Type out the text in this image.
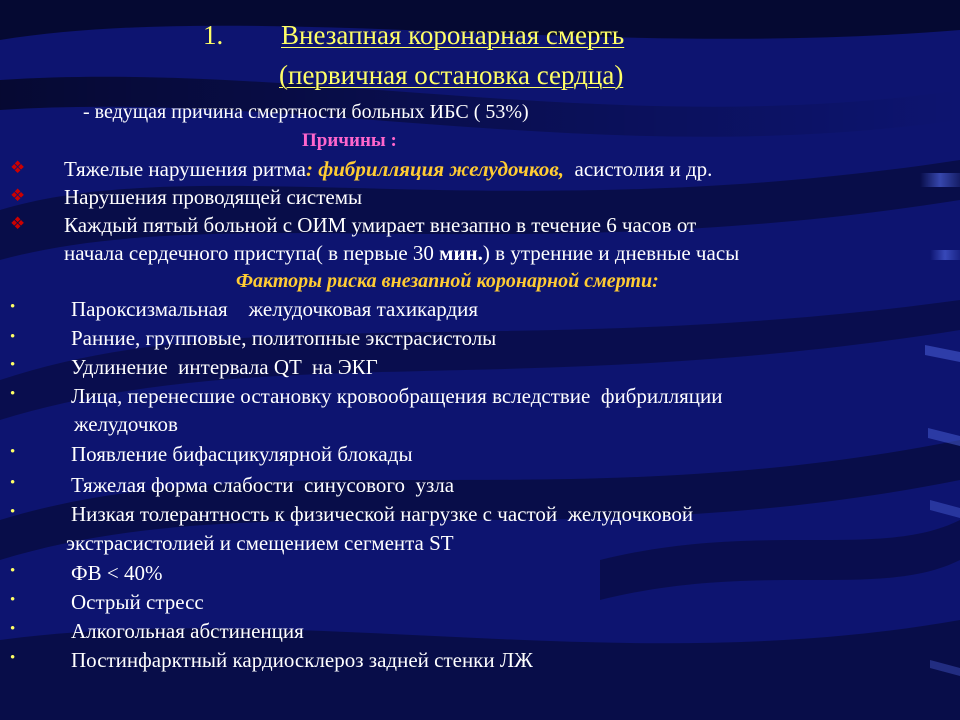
1. Внезапная коронарная смерть
(первичная остановка сердца)
- ведущая причина смертности больных ИБС ( 53%)
Причины :
❖ Тяжелые нарушения ритма: фибрилляция желудочков,  асистолия и др.
❖ Нарушения проводящей системы
❖ Каждый пятый больной с ОИМ умирает внезапно в течение 6 часов от
начала сердечного приступа( в первые 30 мин.) в утренние и дневные часы
Факторы риска внезапной коронарной смерти:
•	Пароксизмальная    желудочковая тахикардия
•	Ранние, групповые, политопные экстрасистолы
•	Удлинение  интервала QT  на ЭКГ
•	Лица, перенесшие остановку кровообращения вследствие  фибрилляции
желудочков
•	Появление бифасцикулярной блокады
•	Тяжелая форма слабости  синусового  узла
•	Низкая толерантность к физической нагрузке с частой  желудочковой
экстрасистолией и смещением сегмента ST
•	ФВ < 40%
•	Острый стресс
•	Алкогольная абстиненция
•	Постинфарктный кардиосклероз задней стенки ЛЖ
